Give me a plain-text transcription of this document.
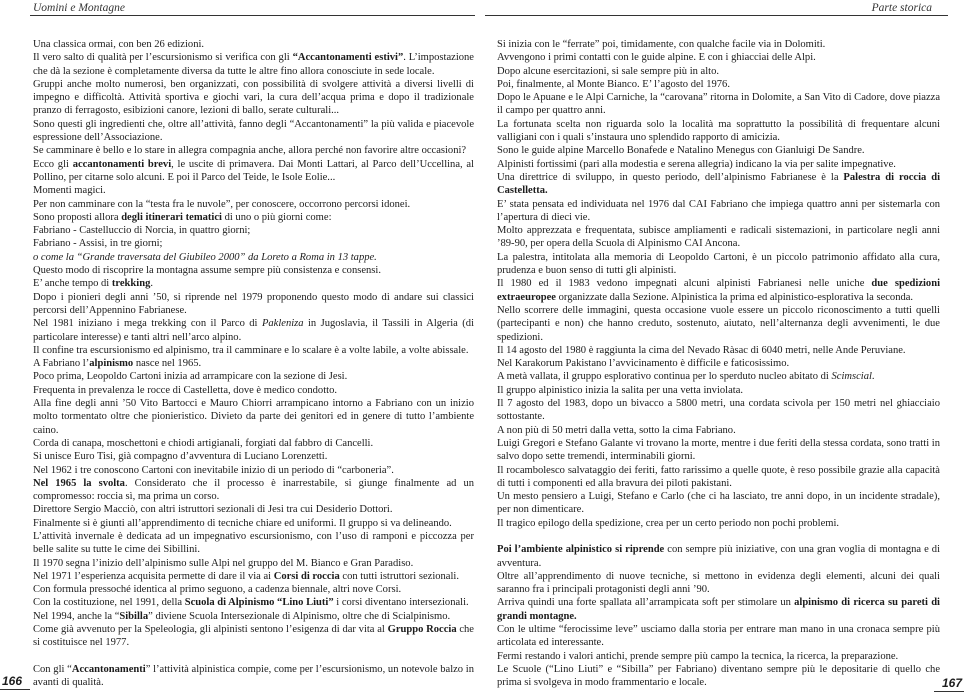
Uomini e Montagne

Una classica ormai, con ben 26 edizioni.

Il vero salto di qualità per l’escursionismo si verifica con gli “Accantonamenti estivi”. L’impostazione che dà la sezione è completamente diversa da tutte le altre fino allora conosciute in sede locale.

Gruppi anche molto numerosi, ben organizzati, con possibilità di svolgere attività a diversi livelli di impegno e difficoltà. Attività sportiva e giochi vari, la cura dell’acqua prima e dopo il tradizionale pranzo di ferragosto, esibizioni canore, lezioni di ballo, serate culturali...

Sono questi gli ingredienti che, oltre all’attività, fanno degli “Accantonamenti” la più valida e piacevole espressione dell’Associazione.

Se camminare è bello e lo stare in allegra compagnia anche, allora perché non favorire altre occasioni?

Ecco gli accantonamenti brevi, le uscite di primavera. Dai Monti Lattari, al Parco dell’Uccellina, al Pollino, per citarne solo alcuni. E poi il Parco del Teide, le Isole Eolie...

Momenti magici.

Per non camminare con la “testa fra le nuvole”, per conoscere, occorrono percorsi idonei.

Sono proposti allora degli itinerari tematici di uno o più giorni come:

Fabriano - Castelluccio di Norcia, in quattro giorni;

Fabriano - Assisi, in tre giorni;

o come la “Grande traversata del Giubileo 2000” da Loreto a Roma in 13 tappe.

Questo modo di riscoprire la montagna assume sempre più consistenza e consensi.

E’ anche tempo di trekking.

Dopo i pionieri degli anni ’50, si riprende nel 1979 proponendo questo modo di andare sui classici percorsi dell’Appennino Fabrianese.

Nel 1981 iniziano i mega trekking con il Parco di Pakleniza in Jugoslavia, il Tassili in Algeria (di particolare interesse) e tanti altri nell’arco alpino.

Il confine tra escursionismo ed alpinismo, tra il camminare e lo scalare è a volte labile, a volte abissale.

A Fabriano l’alpinismo nasce nel 1965.

Poco prima, Leopoldo Cartoni inizia ad arrampicare con la sezione di Jesi.

Frequenta in prevalenza le rocce di Castelletta, dove è medico condotto.

Alla fine degli anni ’50 Vito Bartocci e Mauro Chiorri arrampicano intorno a Fabriano con un inizio molto tormentato oltre che pionieristico. Divieto da parte dei genitori ed in genere di tutto l’ambiente caino.

Corda di canapa, moschettoni e chiodi artigianali, forgiati dal fabbro di Cancelli.

Si unisce Euro Tisi, già compagno d’avventura di Luciano Lorenzetti.

Nel 1962 i tre conoscono Cartoni con inevitabile inizio di un periodo di “carboneria”.

Nel 1965 la svolta. Considerato che il processo è inarrestabile, si giunge finalmente ad un compromesso: roccia sì, ma prima un corso.

Direttore Sergio Macciò, con altri istruttori sezionali di Jesi tra cui Desiderio Dottori.

Finalmente si è giunti all’apprendimento di tecniche chiare ed uniformi. Il gruppo si va delineando.

L’attività invernale è dedicata ad un impegnativo escursionismo, con l’uso di ramponi e piccozza per belle salite su tutte le cime dei Sibillini.

Il 1970 segna l’inizio dell’alpinismo sulle Alpi nel gruppo del M. Bianco e Gran Paradiso.

Nel 1971 l’esperienza acquisita permette di dare il via ai Corsi di roccia con tutti istruttori sezionali.

Con formula pressoché identica al primo seguono, a cadenza biennale, altri nove Corsi.

Con la costituzione, nel 1991, della Scuola di Alpinismo “Lino Liuti” i corsi diventano intersezionali.

Nel 1994, anche la “Sibilla” diviene Scuola Intersezionale di Alpinismo, oltre che di Scialpinismo.

Come già avvenuto per la Speleologia, gli alpinisti sentono l’esigenza di dar vita al Gruppo Roccia che si costituisce nel 1977.

Con gli “Accantonamenti” l’attività alpinistica compie, come per l’escursionismo, un notevole balzo in avanti di qualità.

166
Parte storica

Si inizia con le “ferrate” poi, timidamente, con qualche facile via in Dolomiti.

Avvengono i primi contatti con le guide alpine. E con i ghiacciai delle Alpi.

Dopo alcune esercitazioni, si sale sempre più in alto.

Poi, finalmente, al Monte Bianco. E’ l’agosto del 1976.

Dopo le Apuane e le Alpi Carniche, la “carovana” ritorna in Dolomite, a San Vito di Cadore, dove piazza il campo per quattro anni.

La fortunata scelta non riguarda solo la località ma soprattutto la possibilità di frequentare alcuni valligiani con i quali s’instaura uno splendido rapporto di amicizia.

Sono le guide alpine Marcello Bonafede e Natalino Menegus con Gianluigi De Sandre.

Alpinisti fortissimi (pari alla modestia e serena allegria) indicano la via per salite impegnative.

Una direttrice di sviluppo, in questo periodo, dell’alpinismo Fabrianese è la Palestra di roccia di Castelletta.

E’ stata pensata ed individuata nel 1976 dal CAI Fabriano che impiega quattro anni per sistemarla con l’apertura di dieci vie.

Molto apprezzata e frequentata, subisce ampliamenti e radicali sistemazioni, in particolare negli anni ’89-90, per opera della Scuola di Alpinismo CAI Ancona.

La palestra, intitolata alla memoria di Leopoldo Cartoni, è un piccolo patrimonio affidato alla cura, prudenza e buon senso di tutti gli alpinisti.

Il 1980 ed il 1983 vedono impegnati alcuni alpinisti Fabrianesi nelle uniche due spedizioni extraeuropee organizzate dalla Sezione. Alpinistica la prima ed alpinistico-esplorativa la seconda.

Nello scorrere delle immagini, questa occasione vuole essere un piccolo riconoscimento a tutti quelli (partecipanti e non) che hanno creduto, sostenuto, aiutato, nell’alternanza degli avvenimenti, le due spedizioni.

Il 14 agosto del 1980 è raggiunta la cima del Nevado Ràsac di 6040 metri, nelle Ande Peruviane.

Nel Karakorum Pakistano l’avvicinamento è difficile e faticosissimo.

A metà vallata, il gruppo esplorativo continua per lo sperduto nucleo abitato di Scimscial.

Il gruppo alpinistico inizia la salita per una vetta inviolata.

Il 7 agosto del 1983, dopo un bivacco a 5800 metri, una cordata scivola per 150 metri nel ghiacciaio sottostante.

A non più di 50 metri dalla vetta, sotto la cima Fabriano.

Luigi Gregori e Stefano Galante vi trovano la morte, mentre i due feriti della stessa cordata, sono tratti in salvo dopo sette tremendi, interminabili giorni.

Il rocambolesco salvataggio dei feriti, fatto rarissimo a quelle quote, è reso possibile grazie alla capacità di tutti i componenti ed alla bravura dei piloti pakistani.

Un mesto pensiero a Luigi, Stefano e Carlo (che ci ha lasciato, tre anni dopo, in un incidente stradale), per non dimenticare.

Il tragico epilogo della spedizione, crea per un certo periodo non pochi problemi.

Poi l’ambiente alpinistico si riprende con sempre più iniziative, con una gran voglia di montagna e di avventura.

Oltre all’apprendimento di nuove tecniche, si mettono in evidenza degli elementi, alcuni dei quali saranno fra i principali protagonisti degli anni ’90.

Arriva quindi una forte spallata all’arrampicata soft per stimolare un alpinismo di ricerca su pareti di grandi montagne.

Con le ultime “ferocissime leve” usciamo dalla storia per entrare man mano in una cronaca sempre più articolata ed interessante.

Fermi restando i valori antichi, prende sempre più campo la tecnica, la ricerca, la preparazione.

Le Scuole (“Lino Liuti” e “Sibilla” per Fabriano) diventano sempre più le depositarie di quello che prima si svolgeva in modo frammentario e locale.	167
